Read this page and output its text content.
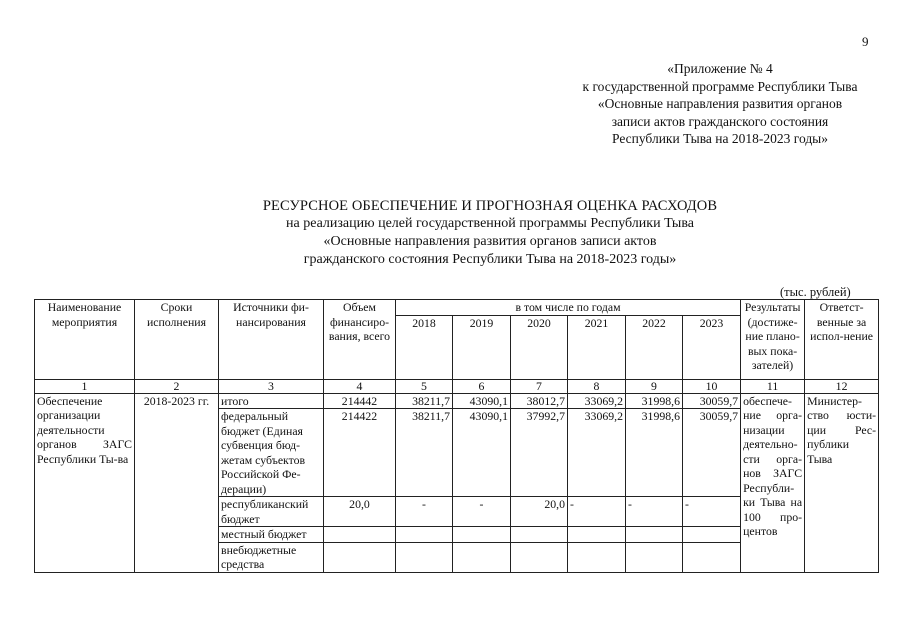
9
«Приложение № 4
к государственной программе Республики Тыва
«Основные направления развития органов
записи актов гражданского состояния
Республики Тыва на 2018-2023 годы»
РЕСУРСНОЕ ОБЕСПЕЧЕНИЕ И ПРОГНОЗНАЯ ОЦЕНКА РАСХОДОВ
на реализацию целей государственной программы Республики Тыва
«Основные направления развития органов записи актов
гражданского состояния Республики Тыва на 2018-2023 годы»
(тыс. рублей)
Наименование мероприятия	Сроки исполнения	Источники фи-нансирования	Объем финансиро-вания, всего	в том числе по годам						Результаты (достиже-ние плано-вых пока-зателей)	Ответст-венные за испол-нение
				2018	2019	2020	2021	2022	2023		
1	2	3	4	5	6	7	8	9	10	11	12
Обеспечение организации деятельности органов ЗАГС Республики Ты-ва	2018-2023 гг.	итого	214442	38211,7	43090,1	38012,7	33069,2	31998,6	30059,7	обеспече-ние орга-низации деятельно-сти орга-нов ЗАГС Республи-ки Тыва на 100 про-центов	Министер-ство юсти-ции Рес-публики Тыва
		федеральный бюджет (Единая субвенция бюд-жетам субъектов Российской Фе-дерации)	214422	38211,7	43090,1	37992,7	33069,2	31998,6	30059,7		
		республиканский бюджет	20,0	-	-	20,0	-	-	-		
		местный бюджет									
		внебюджетные средства									
